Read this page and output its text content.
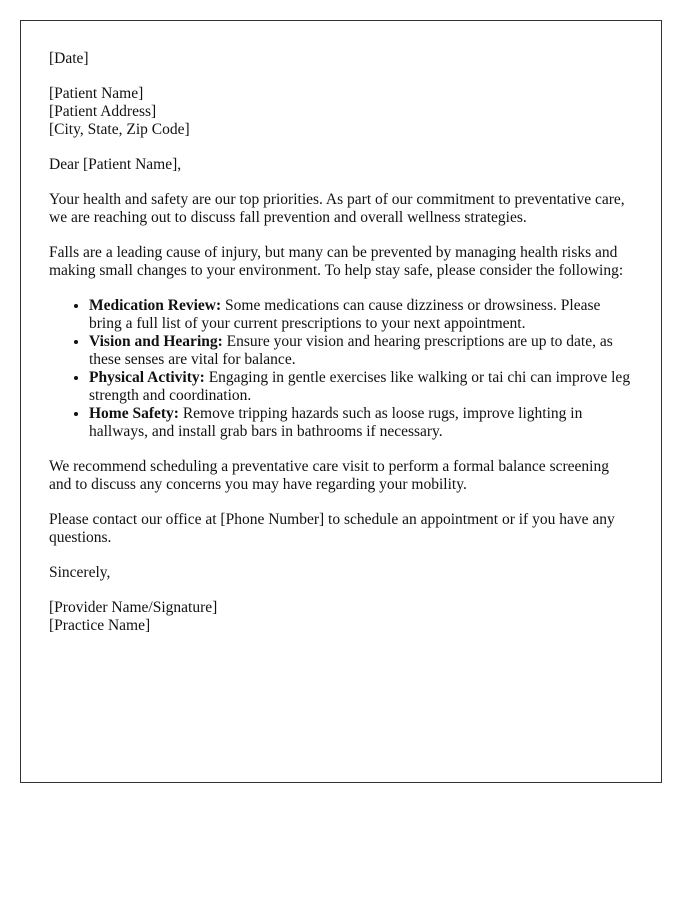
[Date]

[Patient Name]
[Patient Address]
[City, State, Zip Code]

Dear [Patient Name],

Your health and safety are our top priorities. As part of our commitment to preventative care, we are reaching out to discuss fall prevention and overall wellness strategies.

Falls are a leading cause of injury, but many can be prevented by managing health risks and making small changes to your environment. To help stay safe, please consider the following:

• Medication Review: Some medications can cause dizziness or drowsiness. Please bring a full list of your current prescriptions to your next appointment.
• Vision and Hearing: Ensure your vision and hearing prescriptions are up to date, as these senses are vital for balance.
• Physical Activity: Engaging in gentle exercises like walking or tai chi can improve leg strength and coordination.
• Home Safety: Remove tripping hazards such as loose rugs, improve lighting in hallways, and install grab bars in bathrooms if necessary.

We recommend scheduling a preventative care visit to perform a formal balance screening and to discuss any concerns you may have regarding your mobility.

Please contact our office at [Phone Number] to schedule an appointment or if you have any questions.

Sincerely,

[Provider Name/Signature]
[Practice Name]
